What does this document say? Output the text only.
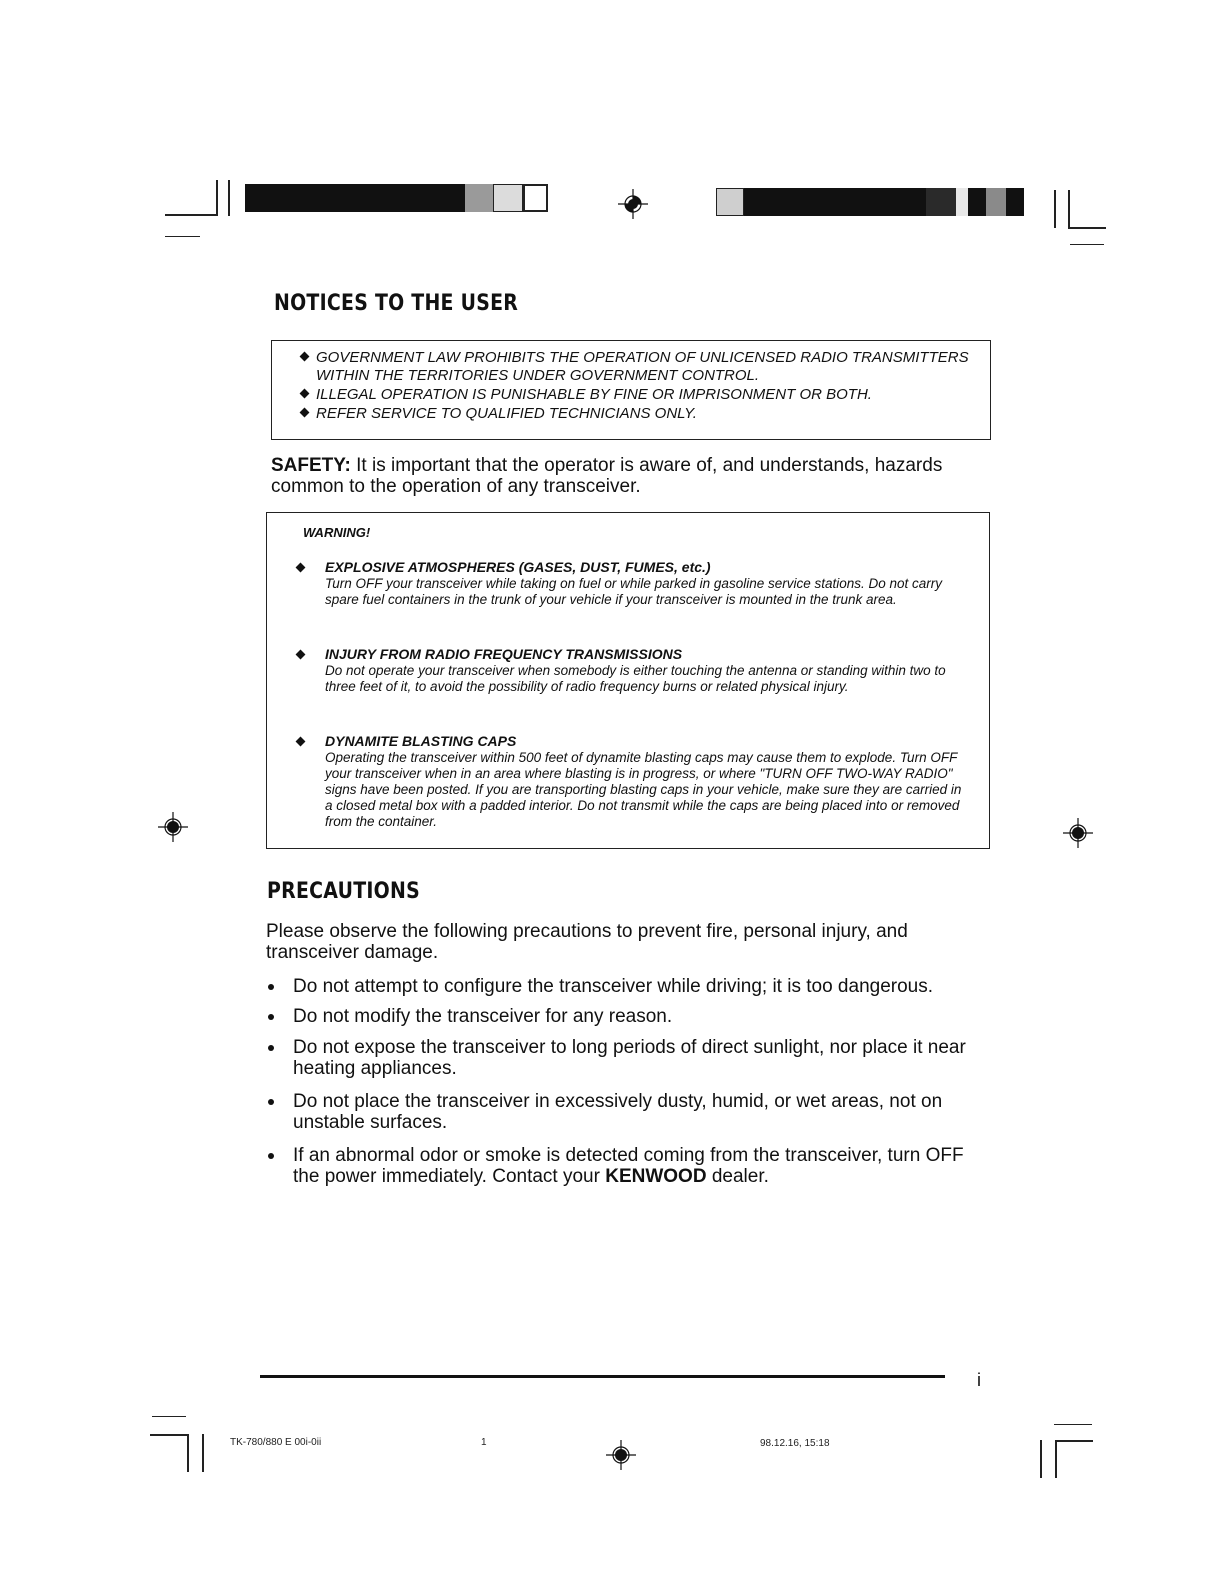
NOTICES TO THE USER
GOVERNMENT LAW PROHIBITS THE OPERATION OF UNLICENSED RADIO TRANSMITTERS WITHIN THE TERRITORIES UNDER GOVERNMENT CONTROL.
ILLEGAL OPERATION IS PUNISHABLE BY FINE OR IMPRISONMENT OR BOTH.
REFER SERVICE TO QUALIFIED TECHNICIANS ONLY.

SAFETY: It is important that the operator is aware of, and understands, hazards common to the operation of any transceiver.

WARNING!
EXPLOSIVE ATMOSPHERES (GASES, DUST, FUMES, etc.)
Turn OFF your transceiver while taking on fuel or while parked in gasoline service stations. Do not carry spare fuel containers in the trunk of your vehicle if your transceiver is mounted in the trunk area.
INJURY FROM RADIO FREQUENCY TRANSMISSIONS
Do not operate your transceiver when somebody is either touching the antenna or standing within two to three feet of it, to avoid the possibility of radio frequency burns or related physical injury.
DYNAMITE BLASTING CAPS
Operating the transceiver within 500 feet of dynamite blasting caps may cause them to explode. Turn OFF your transceiver when in an area where blasting is in progress, or where "TURN OFF TWO-WAY RADIO" signs have been posted. If you are transporting blasting caps in your vehicle, make sure they are carried in a closed metal box with a padded interior. Do not transmit while the caps are being placed into or removed from the container.
PRECAUTIONS

Please observe the following precautions to prevent fire, personal injury, and transceiver damage.

Do not attempt to configure the transceiver while driving; it is too dangerous.
Do not modify the transceiver for any reason.
Do not expose the transceiver to long periods of direct sunlight, nor place it near heating appliances.
Do not place the transceiver in excessively dusty, humid, or wet areas, not on unstable surfaces.
If an abnormal odor or smoke is detected coming from the transceiver, turn OFF the power immediately. Contact your KENWOOD dealer.
i
TK-780/880 E 00i-0ii	1	98.12.16, 15:18
